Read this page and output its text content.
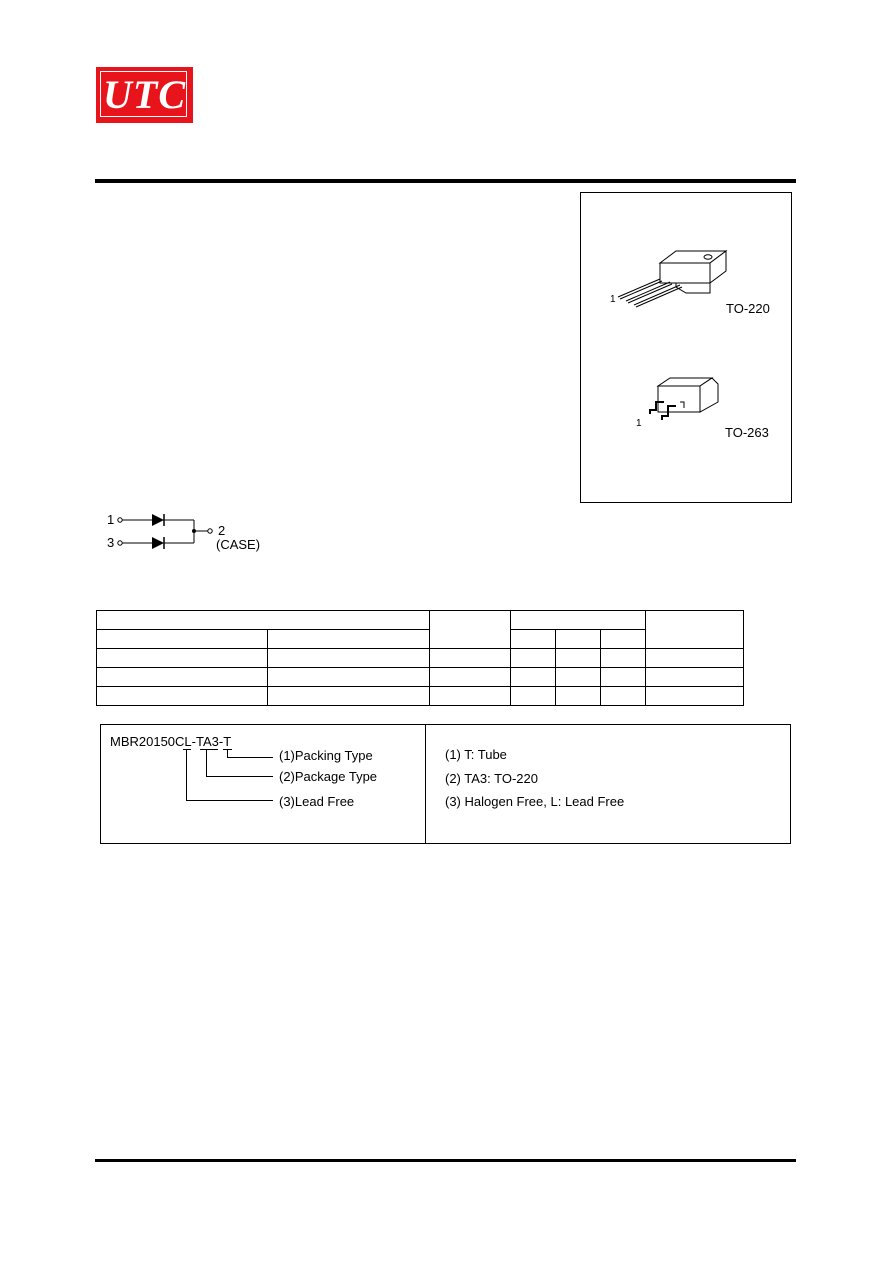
UTC
1
TO-220
1
TO-263
1
3
2
(CASE)

MBR20150CL-TA3-T
(1)Packing Type
(2)Package Type
(3)Lead Free
(1) T: Tube
(2) TA3: TO-220
(3) Halogen Free, L: Lead Free
